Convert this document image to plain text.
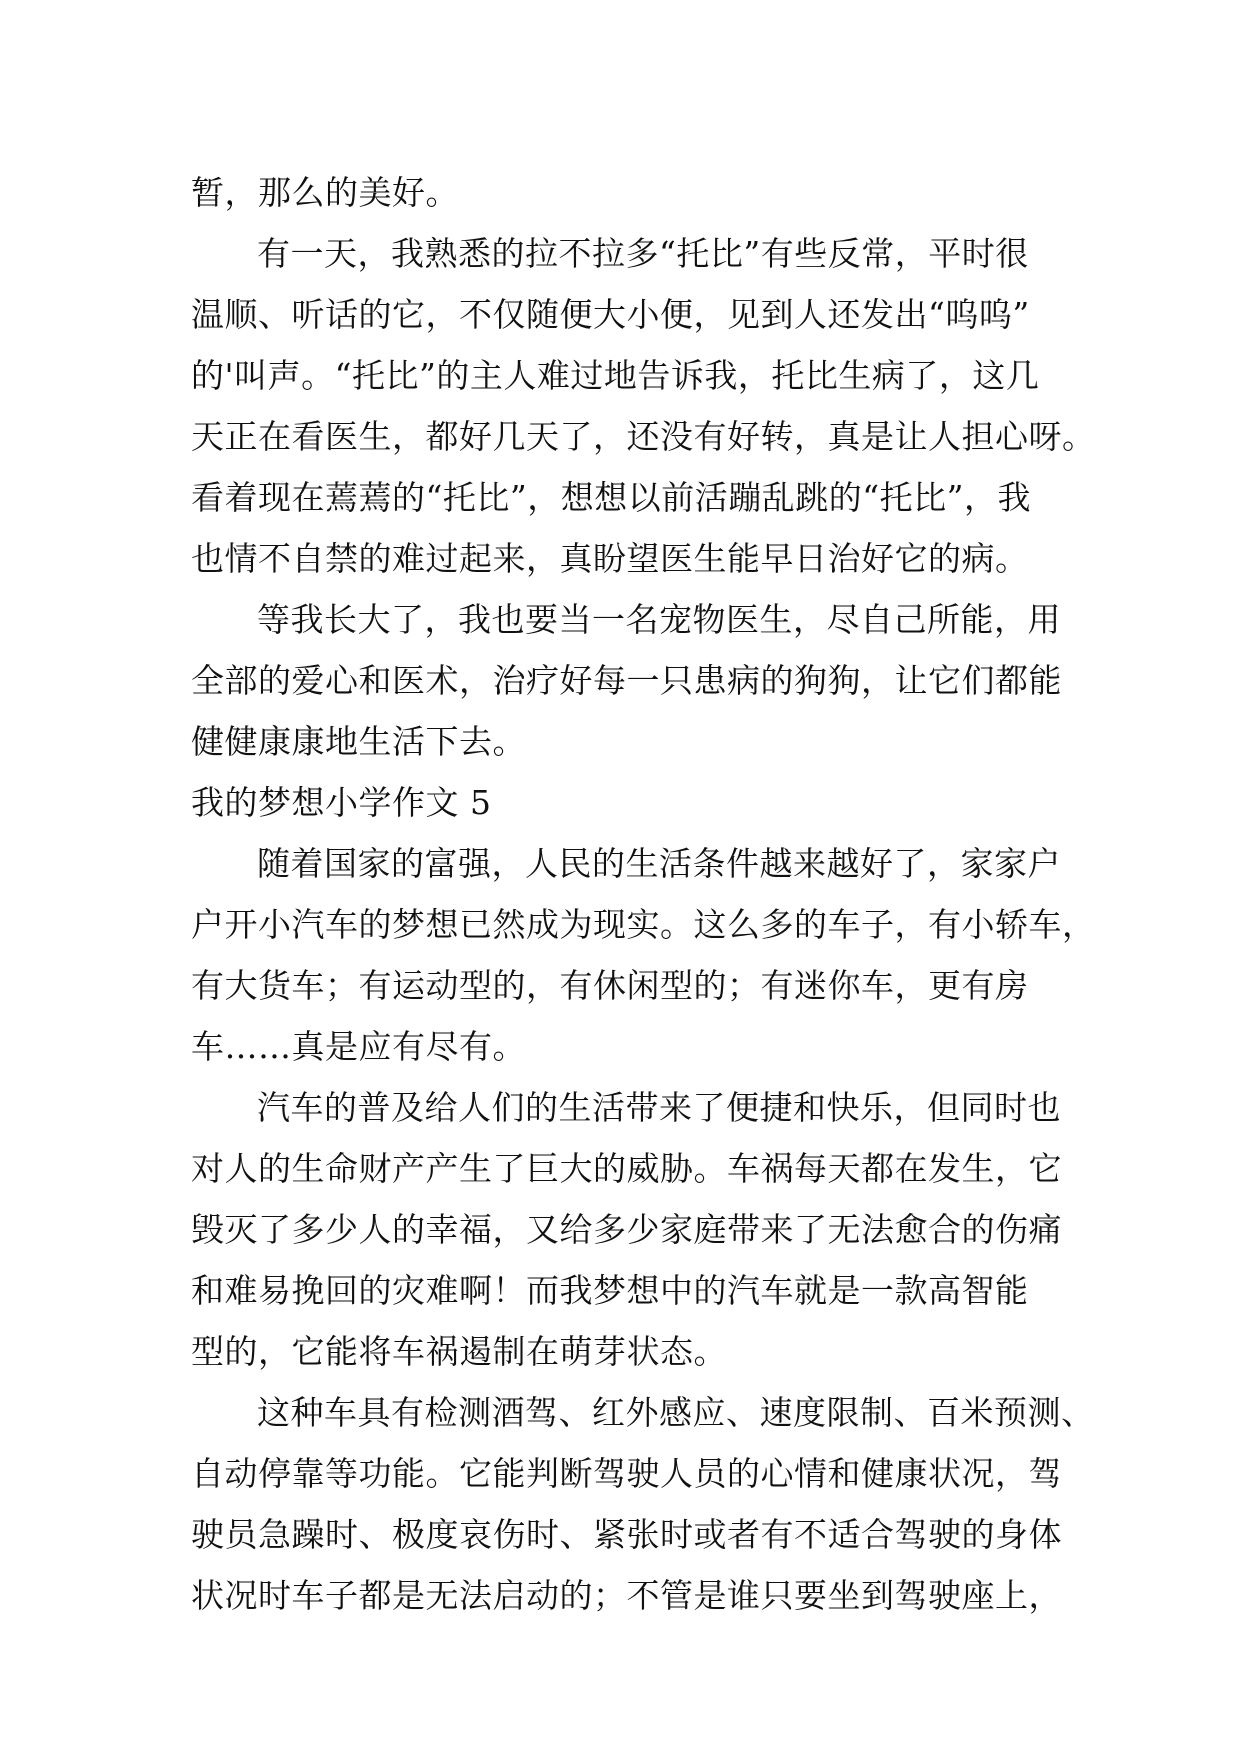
暂，那么的美好。
有一天，我熟悉的拉不拉多“托比”有些反常，平时很
温顺、听话的它，不仅随便大小便，见到人还发出“呜呜”
的'叫声。“托比”的主人难过地告诉我，托比生病了，这几
天正在看医生，都好几天了，还没有好转，真是让人担心呀。
看着现在蔫蔫的“托比”，想想以前活蹦乱跳的“托比”，我
也情不自禁的难过起来，真盼望医生能早日治好它的病。
等我长大了，我也要当一名宠物医生，尽自己所能，用
全部的爱心和医术，治疗好每一只患病的狗狗，让它们都能
健健康康地生活下去。
我的梦想小学作文 5
随着国家的富强，人民的生活条件越来越好了，家家户
户开小汽车的梦想已然成为现实。这么多的车子，有小轿车，
有大货车；有运动型的，有休闲型的；有迷你车，更有房
车……真是应有尽有。
汽车的普及给人们的生活带来了便捷和快乐，但同时也
对人的生命财产产生了巨大的威胁。车祸每天都在发生，它
毁灭了多少人的幸福，又给多少家庭带来了无法愈合的伤痛
和难易挽回的灾难啊！而我梦想中的汽车就是一款高智能
型的，它能将车祸遏制在萌芽状态。
这种车具有检测酒驾、红外感应、速度限制、百米预测、
自动停靠等功能。它能判断驾驶人员的心情和健康状况，驾
驶员急躁时、极度哀伤时、紧张时或者有不适合驾驶的身体
状况时车子都是无法启动的；不管是谁只要坐到驾驶座上，
